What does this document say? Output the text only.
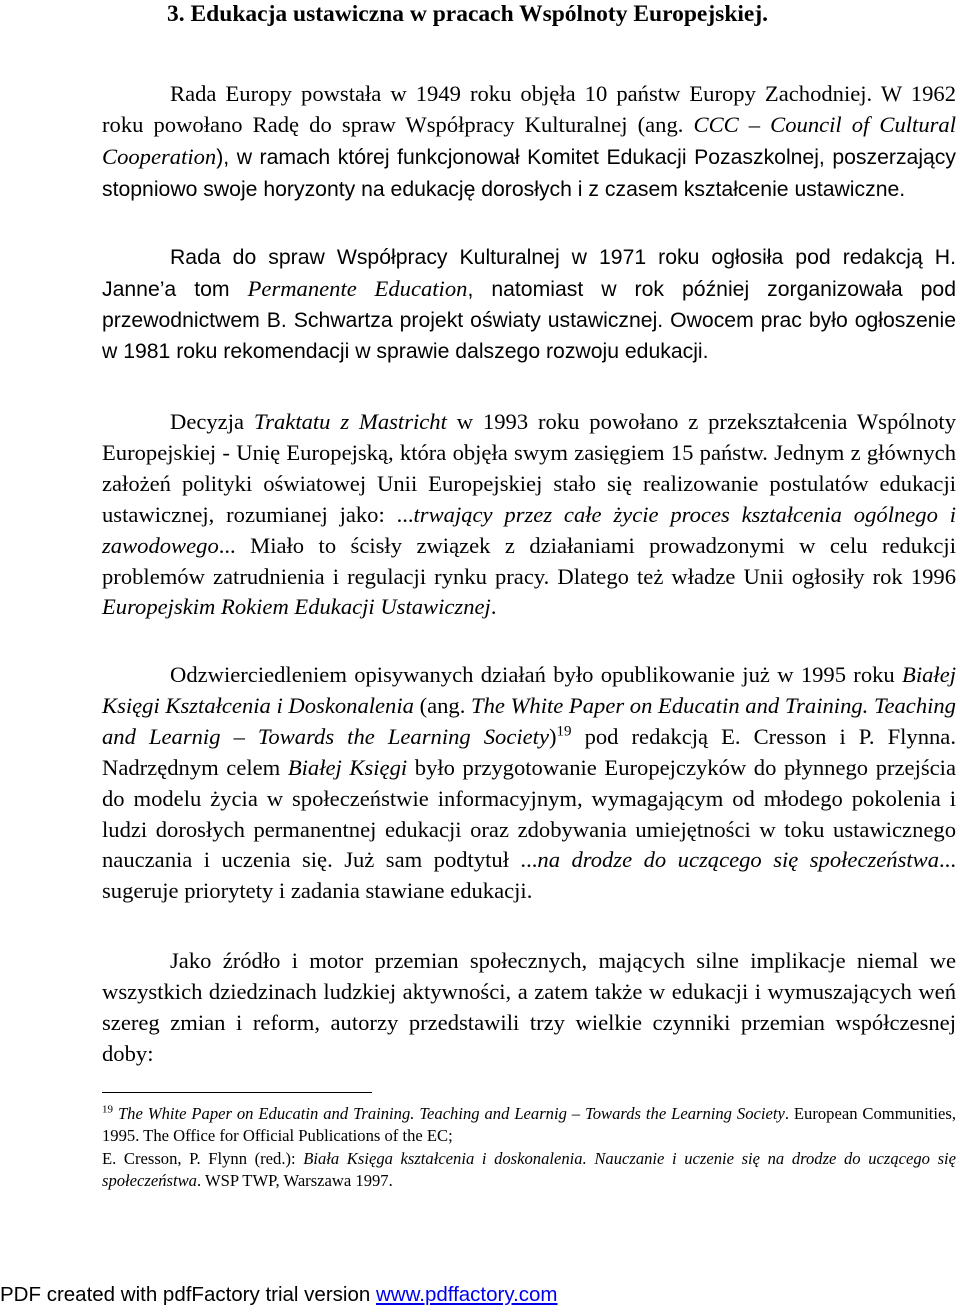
3. Edukacja ustawiczna w pracach Wspólnoty Europejskiej.

Rada Europy powstała w 1949 roku objęła 10 państw Europy Zachodniej. W 1962 roku powołano Radę do spraw Współpracy Kulturalnej (ang. CCC – Council of Cultural Cooperation), w ramach której funkcjonował Komitet Edukacji Pozaszkolnej, poszerzający stopniowo swoje horyzonty na edukację dorosłych i z czasem kształcenie ustawiczne.

Rada do spraw Współpracy Kulturalnej w 1971 roku ogłosiła pod redakcją H. Janne’a tom Permanente Education, natomiast w rok później zorganizowała pod przewodnictwem B. Schwartza projekt oświaty ustawicznej. Owocem prac było ogłoszenie w 1981 roku rekomendacji w sprawie dalszego rozwoju edukacji.

Decyzja Traktatu z Mastricht w 1993 roku powołano z przekształcenia Wspólnoty Europejskiej - Unię Europejską, która objęła swym zasięgiem 15 państw. Jednym z głównych założeń polityki oświatowej Unii Europejskiej stało się realizowanie postulatów edukacji ustawicznej, rozumianej jako: ...trwający przez całe życie proces kształcenia ogólnego i zawodowego... Miało to ścisły związek z działaniami prowadzonymi w celu redukcji problemów zatrudnienia i regulacji rynku pracy. Dlatego też władze Unii ogłosiły rok 1996 Europejskim Rokiem Edukacji Ustawicznej.

Odzwierciedleniem opisywanych działań było opublikowanie już w 1995 roku Białej Księgi Kształcenia i Doskonalenia (ang. The White Paper on Educatin and Training. Teaching and Learnig – Towards the Learning Society)$^{19}$ pod redakcją E. Cresson i P. Flynna. Nadrzędnym celem Białej Księgi było przygotowanie Europejczyków do płynnego przejścia do modelu życia w społeczeństwie informacyjnym, wymagającym od młodego pokolenia i ludzi dorosłych permanentnej edukacji oraz zdobywania umiejętności w toku ustawicznego nauczania i uczenia się. Już sam podtytuł ...na drodze do uczącego się społeczeństwa... sugeruje priorytety i zadania stawiane edukacji.

Jako źródło i motor przemian społecznych, mających silne implikacje niemal we wszystkich dziedzinach ludzkiej aktywności, a zatem także w edukacji i wymuszających weń szereg zmian i reform, autorzy przedstawili trzy wielkie czynniki przemian współczesnej doby:

$^{19}$ The White Paper on Educatin and Training. Teaching and Learnig – Towards the Learning Society. European Communities, 1995. The Office for Official Publications of the EC;

E. Cresson, P. Flynn (red.): Biała Księga kształcenia i doskonalenia. Nauczanie i uczenie się na drodze do uczącego się społeczeństwa. WSP TWP, Warszawa 1997.

PDF created with pdfFactory trial version www.pdffactory.com
